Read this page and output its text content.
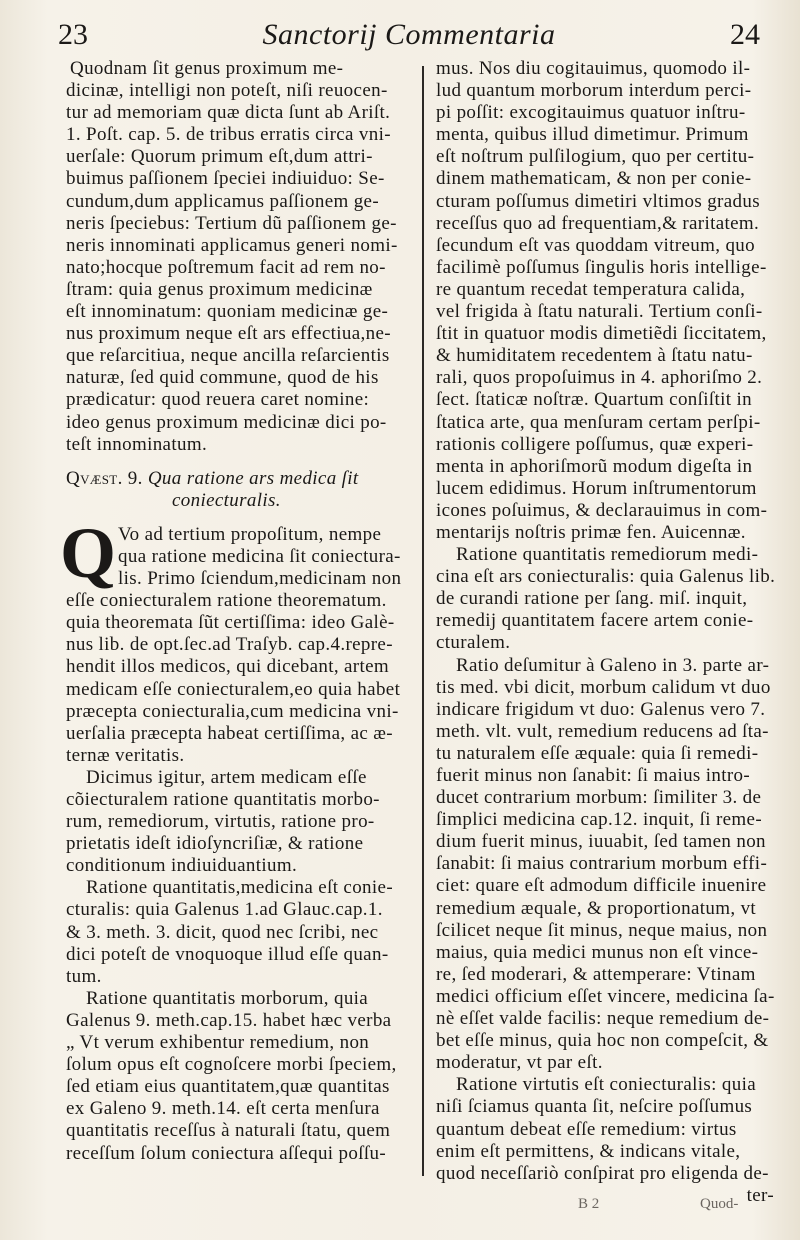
23	Sanctorij Commentaria	24
Quodnam ſit genus proximum me-
dicinæ, intelligi non poteſt, niſi reuocen-
tur ad memoriam quæ dicta ſunt ab Ariſt.
1. Poſt. cap. 5. de tribus erratis circa vni-
uerſale: Quorum primum eſt,dum attri-
buimus paſſionem ſpeciei indiuiduo: Se-
cundum,dum applicamus paſſionem ge-
neris ſpeciebus: Tertium dũ paſſionem ge-
neris innominati applicamus generi nomi-
nato;hocque poſtremum facit ad rem no-
ſtram: quia genus proximum medicinæ
eſt innominatum: quoniam medicinæ ge-
nus proximum neque eſt ars effectiua,ne-
que reſarcitiua, neque ancilla reſarcientis
naturæ, ſed quid commune, quod de his
prædicatur: quod reuera caret nomine:
ideo genus proximum medicinæ dici po-
teſt innominatum.
Qvæst. 9. Qua ratione ars medica ſit
coniecturalis.
Q Vo ad tertium propoſitum, nempe
qua ratione medicina ſit coniectura-
lis. Primo ſciendum,medicinam non
eſſe coniecturalem ratione theorematum.
quia theoremata ſũt certiſſima: ideo Galè-
nus lib. de opt.ſec.ad Traſyb. cap.4.repre-
hendit illos medicos, qui dicebant, artem
medicam eſſe coniecturalem,eo quia habet
præcepta coniecturalia,cum medicina vni-
uerſalia præcepta habeat certiſſima, ac æ-
ternæ veritatis.
Dicimus igitur, artem medicam eſſe
cõiecturalem ratione quantitatis morbo-
rum, remediorum, virtutis, ratione pro-
prietatis ideſt idioſyncriſiæ, & ratione
conditionum indiuiduantium.
Ratione quantitatis,medicina eſt conie-
cturalis: quia Galenus 1.ad Glauc.cap.1.
& 3. meth. 3. dicit, quod nec ſcribi, nec
dici poteſt de vnoquoque illud eſſe quan-
tum.
Ratione quantitatis morborum, quia
Galenus 9. meth.cap.15. habet hæc verba
„ Vt verum exhibentur remedium, non
ſolum opus eſt cognoſcere morbi ſpeciem,
ſed etiam eius quantitatem,quæ quantitas
ex Galeno 9. meth.14. eſt certa menſura
quantitatis receſſus à naturali ſtatu, quem
receſſum ſolum coniectura aſſequi poſſu-
mus. Nos diu cogitauimus, quomodo il-
lud quantum morborum interdum perci-
pi poſſit: excogitauimus quatuor inſtru-
menta, quibus illud dimetimur. Primum
eſt noſtrum pulſilogium, quo per certitu-
dinem mathematicam, & non per conie-
cturam poſſumus dimetiri vltimos gradus
receſſus quo ad frequentiam,& raritatem.
ſecundum eſt vas quoddam vitreum, quo
facilimè poſſumus ſingulis horis intellige-
re quantum recedat temperatura calida,
vel frigida à ſtatu naturali. Tertium conſi-
ſtit in quatuor modis dimetiẽdi ſiccitatem,
& humiditatem recedentem à ſtatu natu-
rali, quos propoſuimus in 4. aphoriſmo 2.
ſect. ſtaticæ noſtræ. Quartum conſiſtit in
ſtatica arte, qua menſuram certam perſpi-
rationis colligere poſſumus, quæ experi-
menta in aphoriſmorũ modum digeſta in
lucem edidimus. Horum inſtrumentorum
icones poſuimus, & declarauimus in com-
mentarijs noſtris primæ fen. Auicennæ.
Ratione quantitatis remediorum medi-
cina eſt ars coniecturalis: quia Galenus lib.
de curandi ratione per ſang. miſ. inquit,
remedij quantitatem facere artem conie-
cturalem.
Ratio deſumitur à Galeno in 3. parte ar-
tis med. vbi dicit, morbum calidum vt duo
indicare frigidum vt duo: Galenus vero 7.
meth. vlt. vult, remedium reducens ad ſta-
tu naturalem eſſe æquale: quia ſi remedi-
fuerit minus non ſanabit: ſi maius intro-
ducet contrarium morbum: ſimiliter 3. de
ſimplici medicina cap.12. inquit, ſi reme-
dium fuerit minus, iuuabit, ſed tamen non
ſanabit: ſi maius contrarium morbum effi-
ciet: quare eſt admodum difficile inuenire
remedium æquale, & proportionatum, vt
ſcilicet neque ſit minus, neque maius, non
maius, quia medici munus non eſt vince-
re, ſed moderari, & attemperare: Vtinam
medici officium eſſet vincere, medicina ſa-
nè eſſet valde facilis: neque remedium de-
bet eſſe minus, quia hoc non compeſcit, &
moderatur, vt par eſt.
Ratione virtutis eſt coniecturalis: quia
niſi ſciamus quanta ſit, neſcire poſſumus
quantum debeat eſſe remedium: virtus
enim eſt permittens, & indicans vitale,
quod neceſſariò conſpirat pro eligenda de-
ter-
B 2	Quod-
